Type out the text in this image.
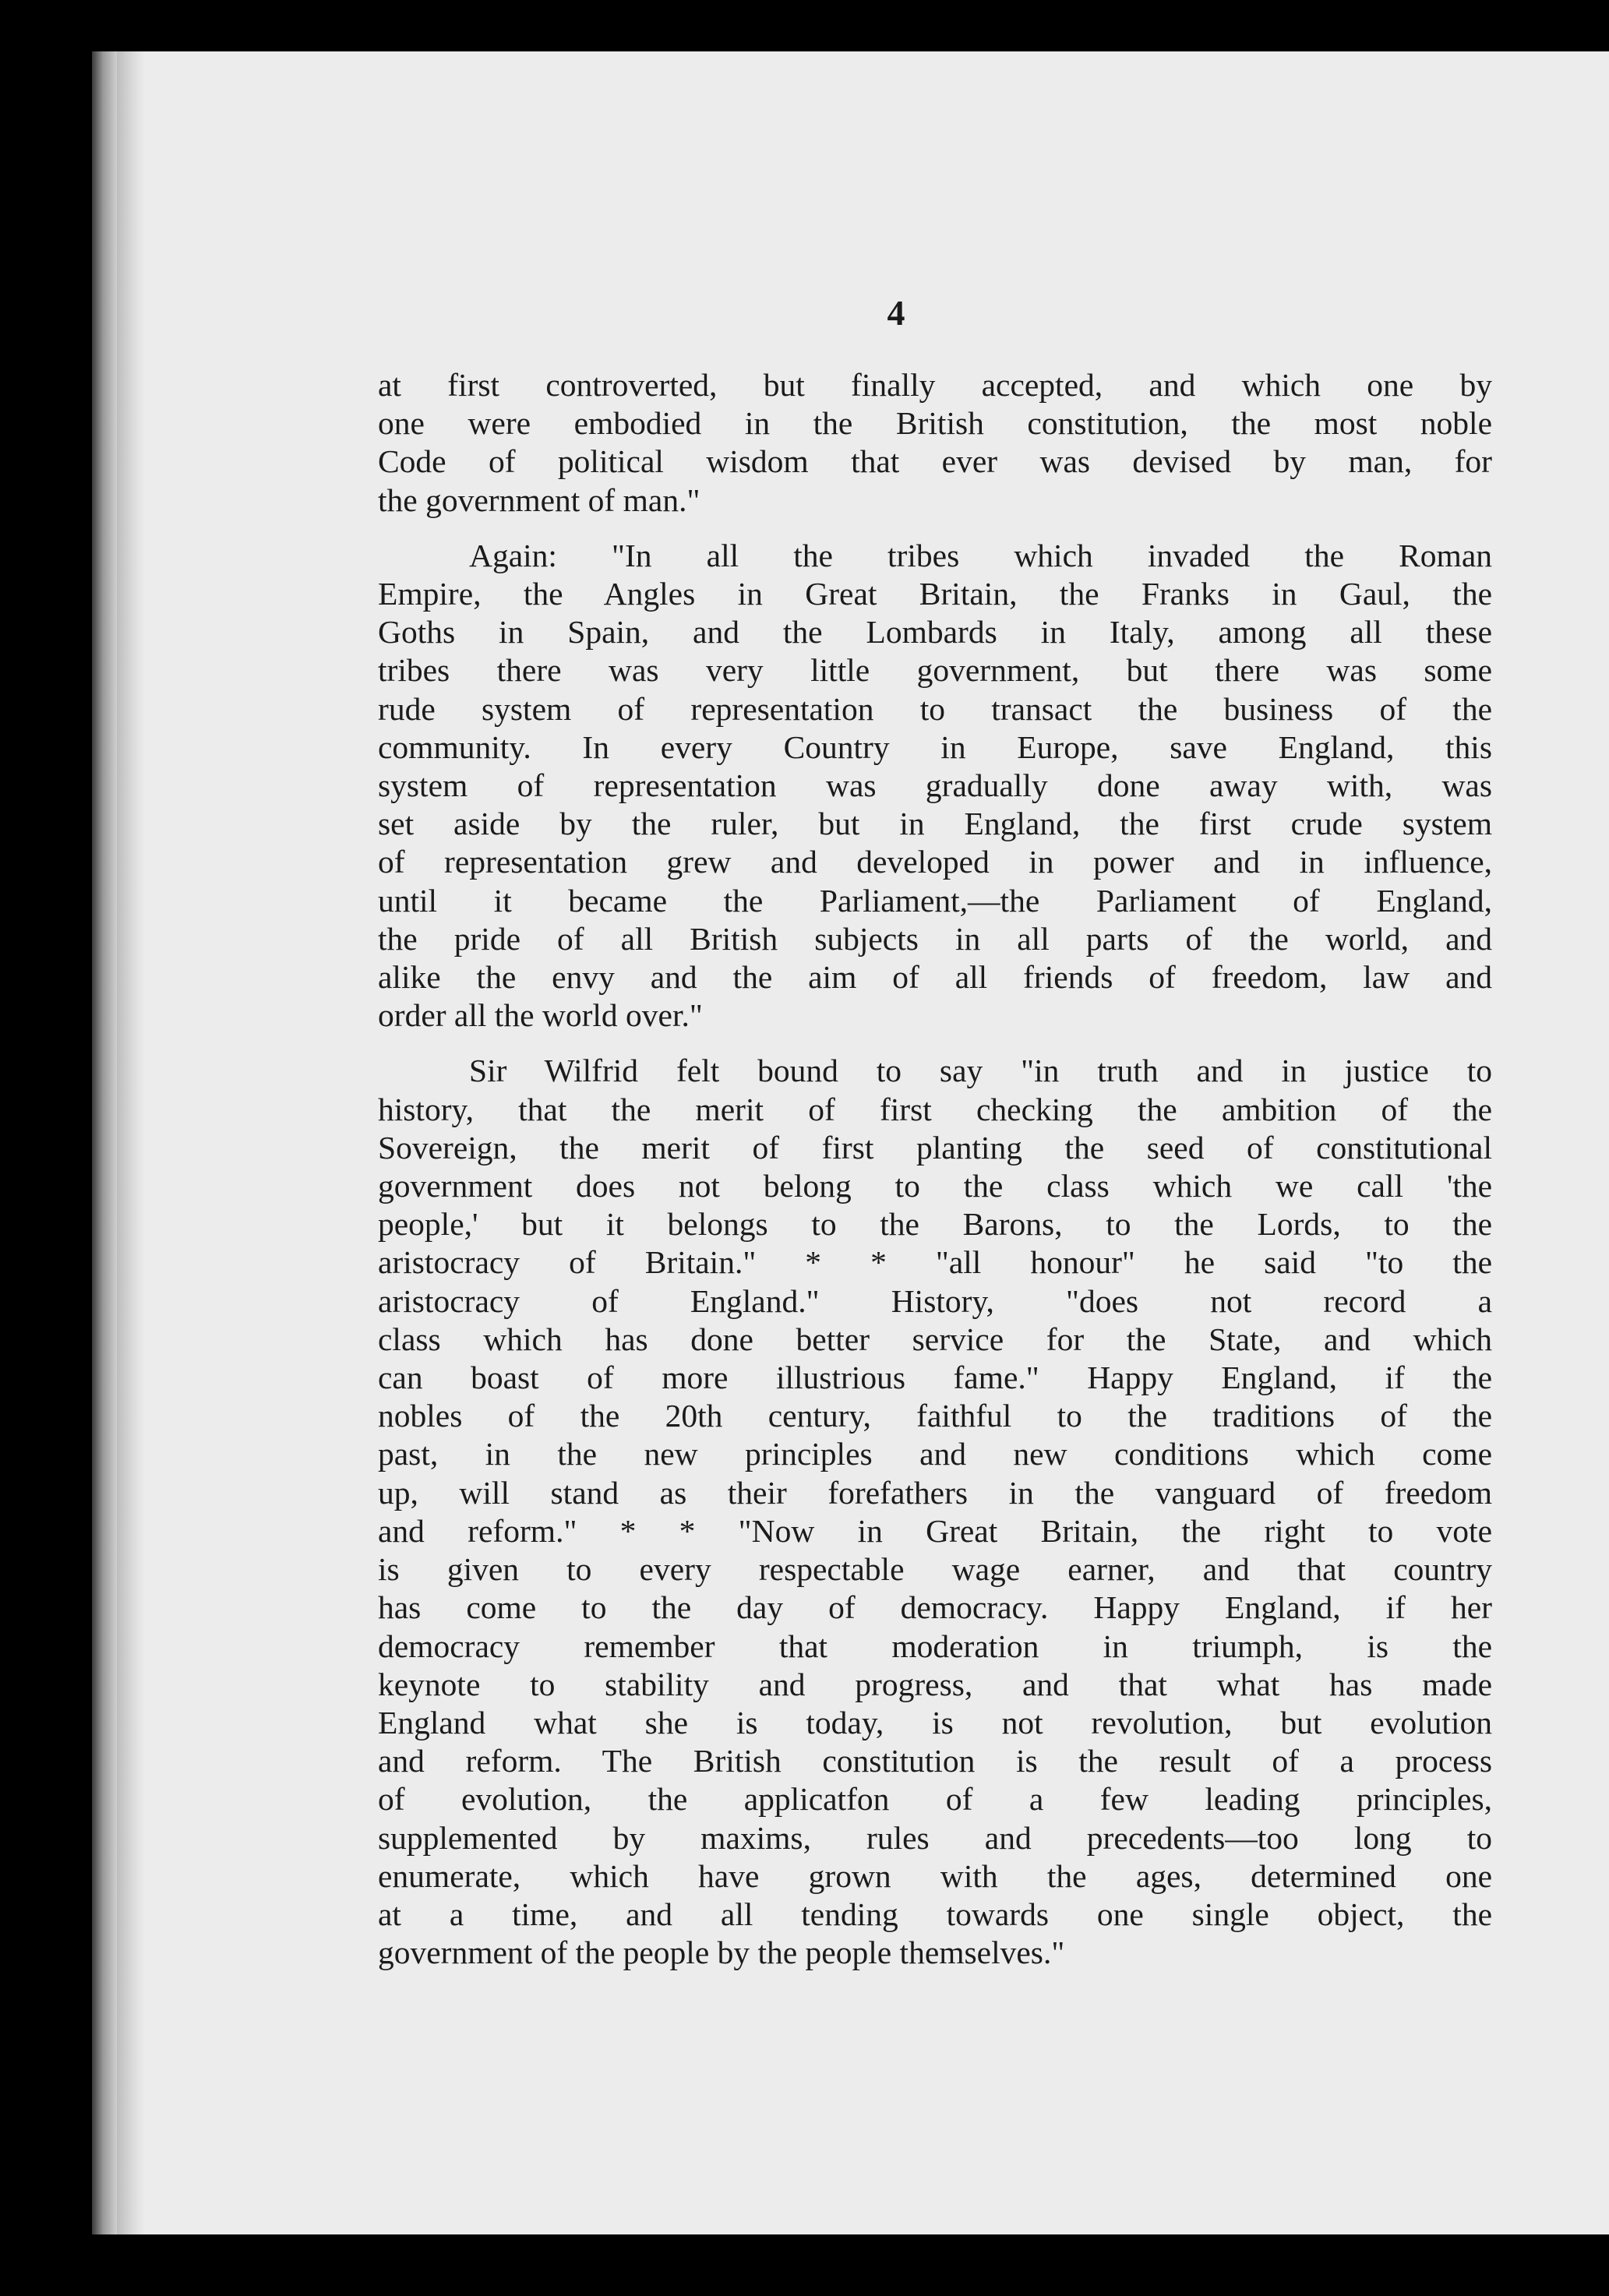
4
at first controverted, but finally accepted, and which one by
one were embodied in the British constitution, the most noble
Code of political wisdom that ever was devised by man, for
the government of man."
Again: "In all the tribes which invaded the Roman
Empire, the Angles in Great Britain, the Franks in Gaul, the
Goths in Spain, and the Lombards in Italy, among all these
tribes there was very little government, but there was some
rude system of representation to transact the business of the
community. In every Country in Europe, save England, this
system of representation was gradually done away with, was
set aside by the ruler, but in England, the first crude system
of representation grew and developed in power and in influence,
until it became the Parliament,—the Parliament of England,
the pride of all British subjects in all parts of the world, and
alike the envy and the aim of all friends of freedom, law and
order all the world over."
Sir Wilfrid felt bound to say "in truth and in justice to
history, that the merit of first checking the ambition of the
Sovereign, the merit of first planting the seed of constitutional
government does not belong to the class which we call 'the
people,' but it belongs to the Barons, to the Lords, to the
aristocracy of Britain." * * "all honour" he said "to the
aristocracy of England." History, "does not record a
class which has done better service for the State, and which
can boast of more illustrious fame." Happy England, if the
nobles of the 20th century, faithful to the traditions of the
past, in the new principles and new conditions which come
up, will stand as their forefathers in the vanguard of freedom
and reform." * * "Now in Great Britain, the right to vote
is given to every respectable wage earner, and that country
has come to the day of democracy. Happy England, if her
democracy remember that moderation in triumph, is the
keynote to stability and progress, and that what has made
England what she is today, is not revolution, but evolution
and reform. The British constitution is the result of a process
of evolution, the applicatfon of a few leading principles,
supplemented by maxims, rules and precedents—too long to
enumerate, which have grown with the ages, determined one
at a time, and all tending towards one single object, the
government of the people by the people themselves."
